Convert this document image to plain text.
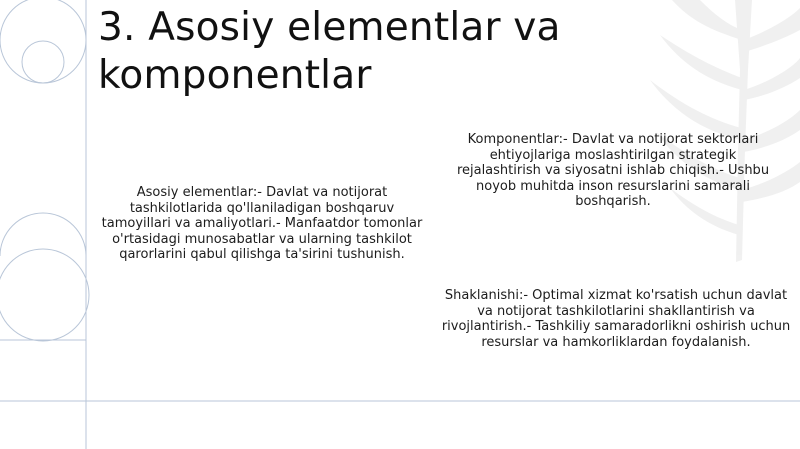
3. Asosiy elementlar va komponentlar

Asosiy elementlar:- Davlat va notijorat tashkilotlarida qo'llaniladigan boshqaruv tamoyillari va amaliyotlari.- Manfaatdor tomonlar o'rtasidagi munosabatlar va ularning tashkilot qarorlarini qabul qilishga ta'sirini tushunish.

Komponentlar:- Davlat va notijorat sektorlari ehtiyojlariga moslashtirilgan strategik rejalashtirish va siyosatni ishlab chiqish.- Ushbu noyob muhitda inson resurslarini samarali boshqarish.

Shaklanishi:- Optimal xizmat ko'rsatish uchun davlat va notijorat tashkilotlarini shakllantirish va rivojlantirish.- Tashkiliy samaradorlikni oshirish uchun resurslar va hamkorliklardan foydalanish.
